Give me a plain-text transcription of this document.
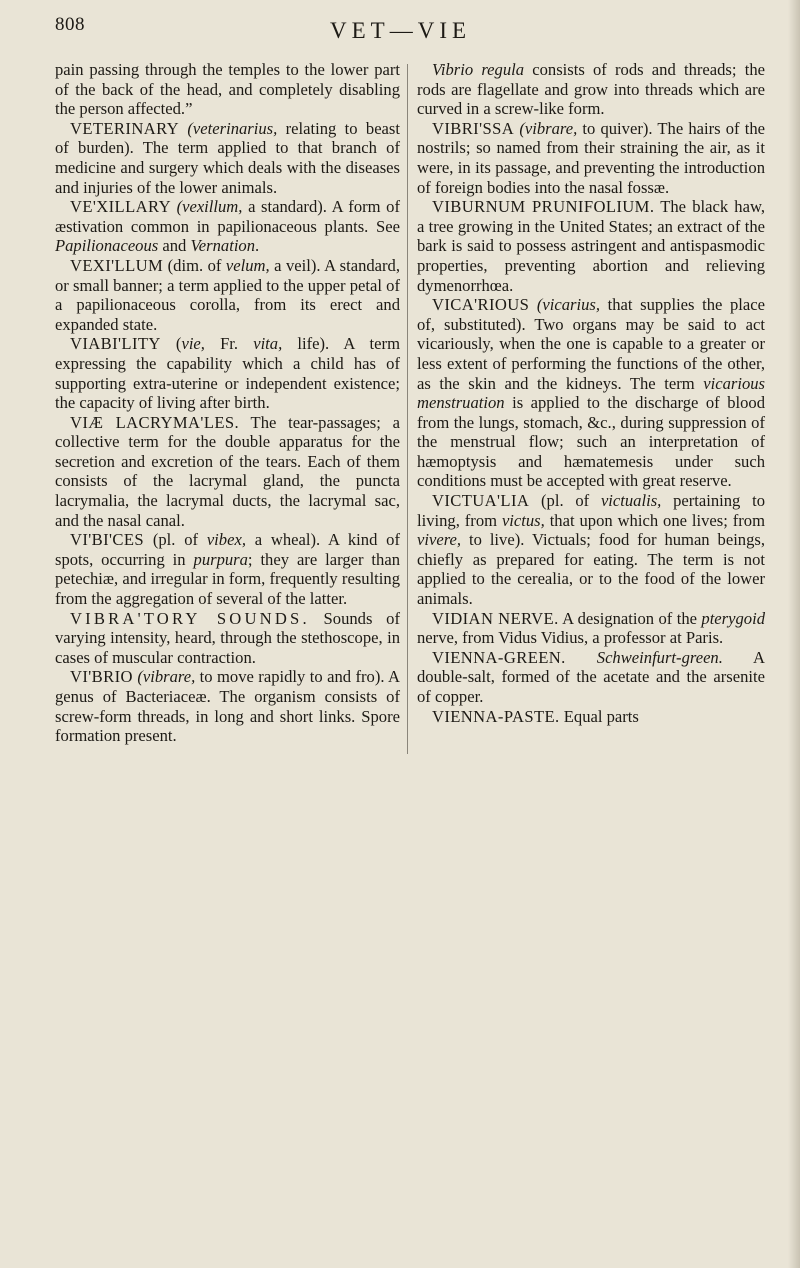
808	VET—VIE

pain passing through the temples to the lower part of the back of the head, and completely disabling the person affected.”

VETERINARY (veterinarius, relating to beast of burden). The term applied to that branch of medicine and surgery which deals with the diseases and injuries of the lower animals.

VE'XILLARY (vexillum, a standard). A form of æstivation common in papilionaceous plants. See Papilionaceous and Vernation.

VEXI'LLUM (dim. of velum, a veil). A standard, or small banner; a term applied to the upper petal of a papilionaceous corolla, from its erect and expanded state.

VIABI'LITY (vie, Fr. vita, life). A term expressing the capability which a child has of supporting extra-uterine or independent existence; the capacity of living after birth.

VIÆ LACRYMA'LES. The tear-passages; a collective term for the double apparatus for the secretion and excretion of the tears. Each of them consists of the lacrymal gland, the puncta lacrymalia, the lacrymal ducts, the lacrymal sac, and the nasal canal.

VI'BI'CES (pl. of vibex, a wheal). A kind of spots, occurring in purpura; they are larger than petechiæ, and irregular in form, frequently resulting from the aggregation of several of the latter.

VIBRA'TORY SOUNDS. Sounds of varying intensity, heard, through the stethoscope, in cases of muscular contraction.

VI'BRIO (vibrare, to move rapidly to and fro). A genus of Bacteriaceæ. The organism consists of screw-form threads, in long and short links. Spore formation present.

Vibrio regula consists of rods and threads; the rods are flagellate and grow into threads which are curved in a screw-like form.

VIBRI'SSA (vibrare, to quiver). The hairs of the nostrils; so named from their straining the air, as it were, in its passage, and preventing the introduction of foreign bodies into the nasal fossæ.

VIBURNUM PRUNIFOLIUM. The black haw, a tree growing in the United States; an extract of the bark is said to possess astringent and antispasmodic properties, preventing abortion and relieving dymenorrhœa.

VICA'RIOUS (vicarius, that supplies the place of, substituted). Two organs may be said to act vicariously, when the one is capable to a greater or less extent of performing the functions of the other, as the skin and the kidneys. The term vicarious menstruation is applied to the discharge of blood from the lungs, stomach, &c., during suppression of the menstrual flow; such an interpretation of hæmoptysis and hæmatemesis under such conditions must be accepted with great reserve.

VICTUA'LIA (pl. of victualis, pertaining to living, from victus, that upon which one lives; from vivere, to live). Victuals; food for human beings, chiefly as prepared for eating. The term is not applied to the cerealia, or to the food of the lower animals.

VIDIAN NERVE. A designation of the pterygoid nerve, from Vidus Vidius, a professor at Paris.

VIENNA-GREEN. Schweinfurt-green. A double-salt, formed of the acetate and the arsenite of copper.

VIENNA-PASTE. Equal parts
